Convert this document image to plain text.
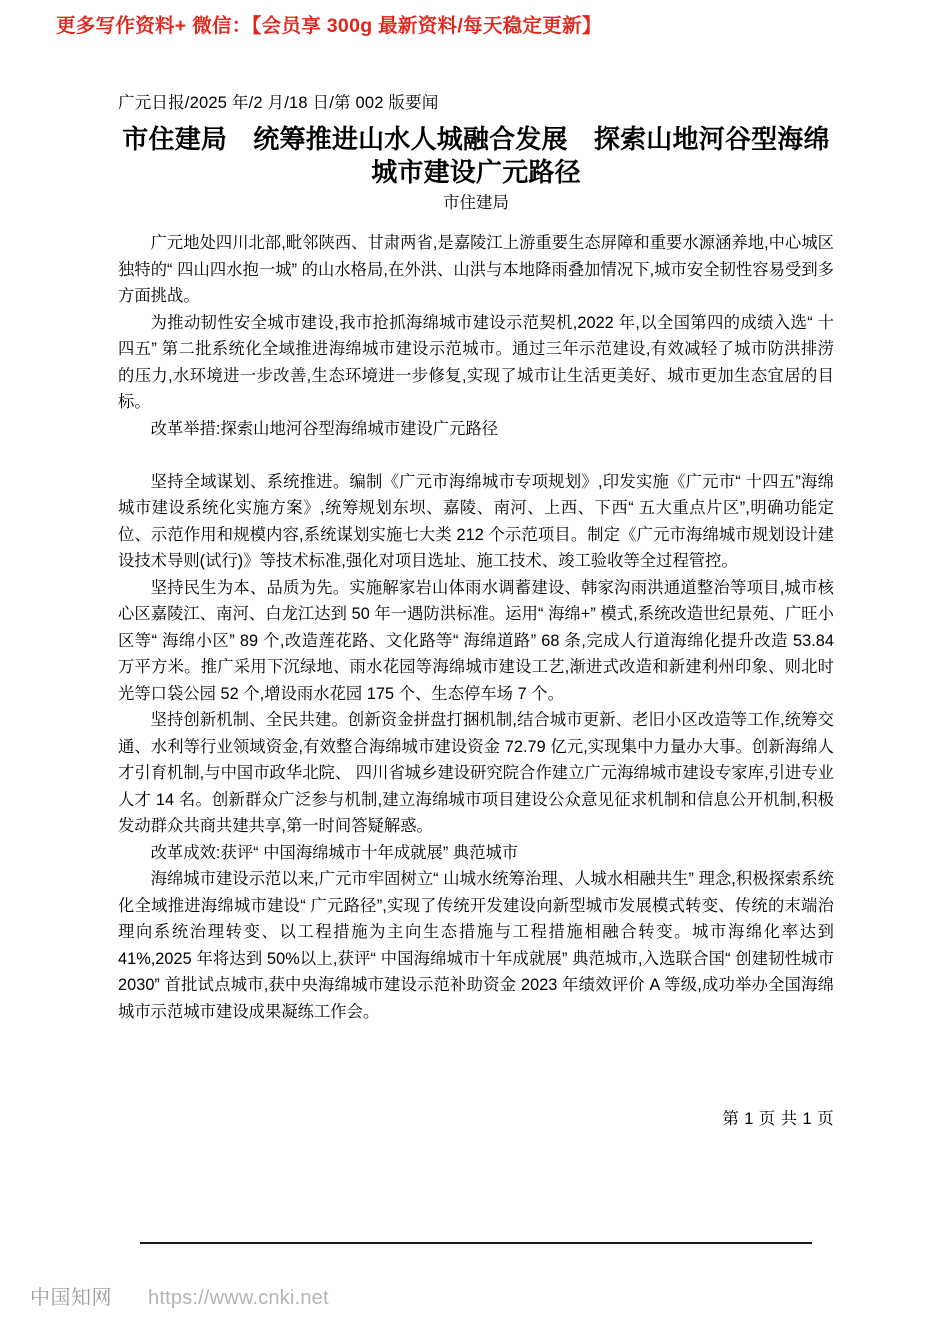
更多写作资料+ 微信：【会员享 300g 最新资料/每天稳定更新】
广元日报/2025 年/2 月/18 日/第 002 版要闻
市住建局　统筹推进山水人城融合发展　探索山地河谷型海绵城市建设广元路径
市住建局

广元地处四川北部,毗邻陕西、甘肃两省,是嘉陵江上游重要生态屏障和重要水源涵养地,中心城区独特的“ 四山四水抱一城” 的山水格局,在外洪、山洪与本地降雨叠加情况下,城市安全韧性容易受到多方面挑战。

为推动韧性安全城市建设,我市抢抓海绵城市建设示范契机,2022 年,以全国第四的成绩入选“ 十四五” 第二批系统化全域推进海绵城市建设示范城市。通过三年示范建设,有效减轻了城市防洪排涝的压力,水环境进一步改善,生态环境进一步修复,实现了城市让生活更美好、城市更加生态宜居的目标。

改革举措:探索山地河谷型海绵城市建设广元路径

坚持全域谋划、系统推进。编制《广元市海绵城市专项规划》,印发实施《广元市“ 十四五”海绵城市建设系统化实施方案》,统筹规划东坝、嘉陵、南河、上西、下西“ 五大重点片区”,明确功能定位、示范作用和规模内容,系统谋划实施七大类 212 个示范项目。制定《广元市海绵城市规划设计建设技术导则(试行)》等技术标准,强化对项目选址、施工技术、竣工验收等全过程管控。

坚持民生为本、品质为先。实施解家岩山体雨水调蓄建设、韩家沟雨洪通道整治等项目,城市核心区嘉陵江、南河、白龙江达到 50 年一遇防洪标准。运用“ 海绵+” 模式,系统改造世纪景苑、广旺小区等“ 海绵小区” 89 个,改造莲花路、文化路等“ 海绵道路” 68 条,完成人行道海绵化提升改造 53.84 万平方米。推广采用下沉绿地、雨水花园等海绵城市建设工艺,渐进式改造和新建利州印象、则北时光等口袋公园 52 个,增设雨水花园 175 个、生态停车场 7 个。

坚持创新机制、全民共建。创新资金拼盘打捆机制,结合城市更新、老旧小区改造等工作,统筹交通、水利等行业领域资金,有效整合海绵城市建设资金 72.79 亿元,实现集中力量办大事。创新海绵人才引育机制,与中国市政华北院、 四川省城乡建设研究院合作建立广元海绵城市建设专家库,引进专业人才 14 名。创新群众广泛参与机制,建立海绵城市项目建设公众意见征求机制和信息公开机制,积极发动群众共商共建共享,第一时间答疑解惑。

改革成效:获评“ 中国海绵城市十年成就展” 典范城市

海绵城市建设示范以来,广元市牢固树立“ 山城水统筹治理、人城水相融共生” 理念,积极探索系统化全域推进海绵城市建设“ 广元路径”,实现了传统开发建设向新型城市发展模式转变、传统的末端治理向系统治理转变、以工程措施为主向生态措施与工程措施相融合转变。城市海绵化率达到 41%,2025 年将达到 50%以上,获评“ 中国海绵城市十年成就展” 典范城市,入选联合国“ 创建韧性城市 2030” 首批试点城市,获中央海绵城市建设示范补助资金 2023 年绩效评价 A 等级,成功举办全国海绵城市示范城市建设成果凝练工作会。

第 1 页 共 1 页
中国知网 https://www.cnki.net
